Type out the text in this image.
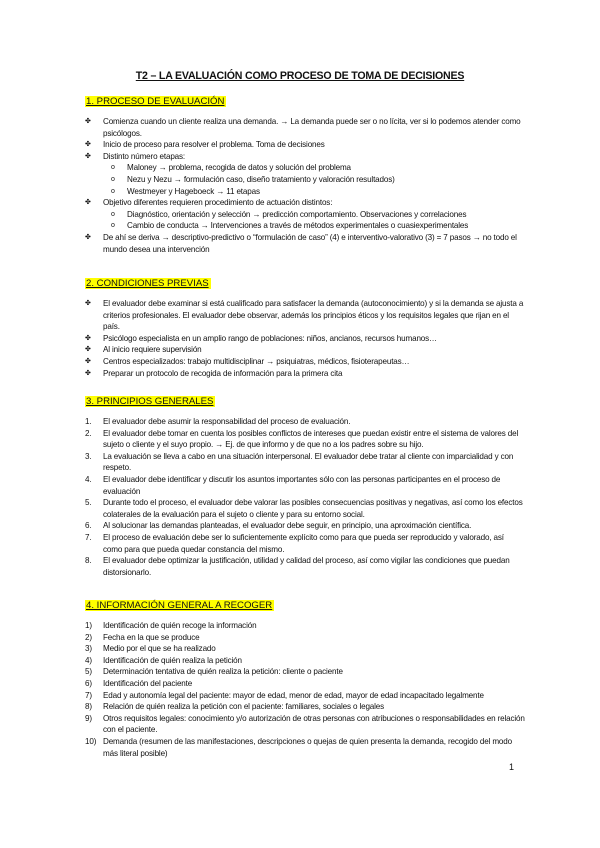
T2 – LA EVALUACIÓN COMO PROCESO DE TOMA DE DECISIONES
1. PROCESO DE EVALUACIÓN
✤ Comienza cuando un cliente realiza una demanda. → La demanda puede ser o no lícita, ver si lo podemos atender como psicólogos.
✤ Inicio de proceso para resolver el problema. Toma de decisiones
✤ Distinto número etapas:
o Maloney → problema, recogida de datos y solución del problema
o Nezu y Nezu → formulación caso, diseño tratamiento y valoración resultados)
o Westmeyer y Hageboeck → 11 etapas
✤ Objetivo diferentes requieren procedimiento de actuación distintos:
o Diagnóstico, orientación y selección → predicción comportamiento. Observaciones y correlaciones
o Cambio de conducta → Intervenciones a través de métodos experimentales o cuasiexperimentales
✤ De ahí se deriva → descriptivo-predictivo o “formulación de caso” (4) e interventivo-valorativo (3) = 7 pasos → no todo el mundo desea una intervención
2. CONDICIONES PREVIAS
✤ El evaluador debe examinar si está cualificado para satisfacer la demanda (autoconocimiento) y si la demanda se ajusta a criterios profesionales. El evaluador debe observar, además los principios éticos y los requisitos legales que rijan en el país.
✤ Psicólogo especialista en un amplio rango de poblaciones: niños, ancianos, recursos humanos…
✤ Al inicio requiere supervisión
✤ Centros especializados: trabajo multidisciplinar → psiquiatras, médicos, fisioterapeutas…
✤ Preparar un protocolo de recogida de información para la primera cita
3. PRINCIPIOS GENERALES
1. El evaluador debe asumir la responsabilidad del proceso de evaluación.
2. El evaluador debe tomar en cuenta los posibles conflictos de intereses que puedan existir entre el sistema de valores del sujeto o cliente y el suyo propio. → Ej. de que informo y de que no a los padres sobre su hijo.
3. La evaluación se lleva a cabo en una situación interpersonal. El evaluador debe tratar al cliente con imparcialidad y con respeto.
4. El evaluador debe identificar y discutir los asuntos importantes sólo con las personas participantes en el proceso de evaluación
5. Durante todo el proceso, el evaluador debe valorar las posibles consecuencias positivas y negativas, así como los efectos colaterales de la evaluación para el sujeto o cliente y para su entorno social.
6. Al solucionar las demandas planteadas, el evaluador debe seguir, en principio, una aproximación científica.
7. El proceso de evaluación debe ser lo suficientemente explícito como para que pueda ser reproducido y valorado, así como para que pueda quedar constancia del mismo.
8. El evaluador debe optimizar la justificación, utilidad y calidad del proceso, así como vigilar las condiciones que puedan distorsionarlo.
4. INFORMACIÓN GENERAL A RECOGER
1) Identificación de quién recoge la información
2) Fecha en la que se produce
3) Medio por el que se ha realizado
4) Identificación de quién realiza la petición
5) Determinación tentativa de quién realiza la petición: cliente o paciente
6) Identificación del paciente
7) Edad y autonomía legal del paciente: mayor de edad, menor de edad, mayor de edad incapacitado legalmente
8) Relación de quién realiza la petición con el paciente: familiares, sociales o legales
9) Otros requisitos legales: conocimiento y/o autorización de otras personas con atribuciones o responsabilidades en relación con el paciente.
10) Demanda (resumen de las manifestaciones, descripciones o quejas de quien presenta la demanda, recogido del modo más literal posible)
1
